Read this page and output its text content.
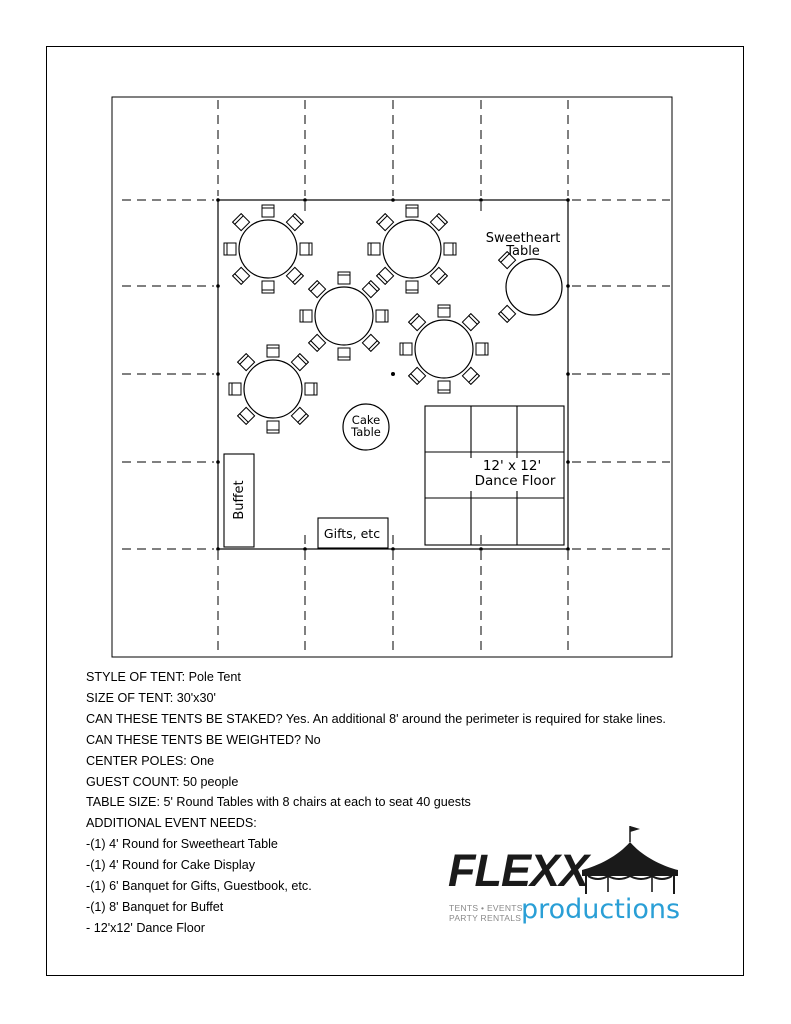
Sweetheart
Table
Cake
Table
12' x 12'
Dance Floor
Buffet
Gifts, etc
STYLE OF TENT: Pole Tent
SIZE OF TENT: 30'x30'
CAN THESE TENTS BE STAKED? Yes. An additional 8' around the perimeter is required for stake lines.
CAN THESE TENTS BE WEIGHTED? No
CENTER POLES: One
GUEST COUNT: 50 people
TABLE SIZE: 5' Round Tables with 8 chairs at each to seat 40 guests
ADDITIONAL EVENT NEEDS:
-(1) 4' Round for Sweetheart Table
-(1) 4' Round for Cake Display
-(1) 6' Banquet for Gifts, Guestbook, etc.
-(1) 8' Banquet for Buffet
- 12'x12' Dance Floor
FLEXX
TENTS • EVENTS
PARTY RENTALS productions
